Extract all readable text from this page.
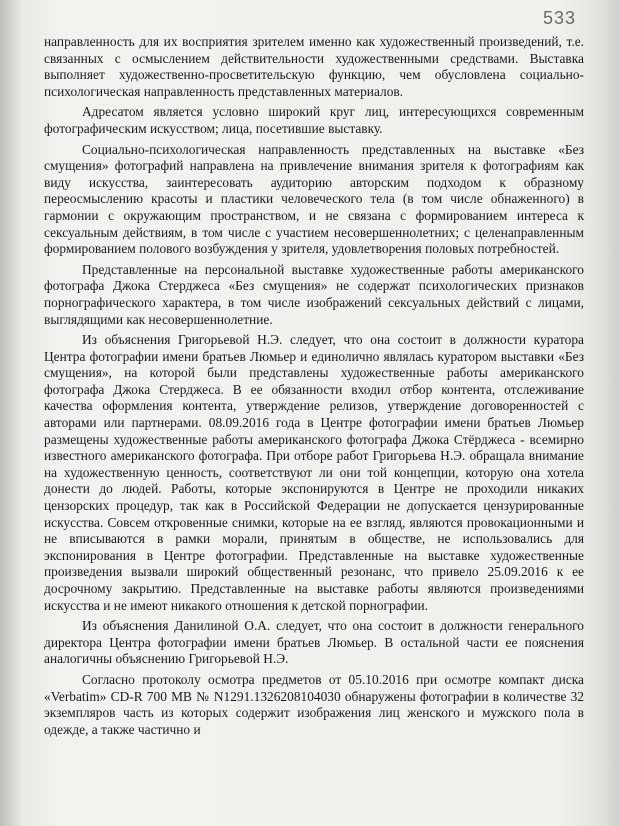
533

направленность для их восприятия зрителем именно как художественный произведений, т.е. связанных с осмыслением действительности художественными средствами. Выставка выполняет художественно-просветительскую функцию, чем обусловлена социально-психологическая направленность представленных материалов.

Адресатом является условно широкий круг лиц, интересующихся современным фотографическим искусством; лица, посетившие выставку.

Социально-психологическая направленность представленных на выставке «Без смущения» фотографий направлена на привлечение внимания зрителя к фотографиям как виду искусства, заинтересовать аудиторию авторским подходом к образному переосмыслению красоты и пластики человеческого тела (в том числе обнаженного) в гармонии с окружающим пространством, и не связана с формированием интереса к сексуальным действиям, в том числе с участием несовершеннолетних; с целенаправленным формированием полового возбуждения у зрителя, удовлетворения половых потребностей.

Представленные на персональной выставке художественные работы американского фотографа Джока Стерджеса «Без смущения» не содержат психологических признаков порнографического характера, в том числе изображений сексуальных действий с лицами, выглядящими как несовершеннолетние.

Из объяснения Григорьевой Н.Э. следует, что она состоит в должности куратора Центра фотографии имени братьев Люмьер и единолично являлась куратором выставки «Без смущения», на которой были представлены художественные работы американского фотографа Джока Стерджеса. В ее обязанности входил отбор контента, отслеживание качества оформления контента, утверждение релизов, утверждение договоренностей с авторами или партнерами. 08.09.2016 года в Центре фотографии имени братьев Люмьер размещены художественные работы американского фотографа Джока Стёрджеса - всемирно известного американского фотографа. При отборе работ Григорьева Н.Э. обращала внимание на художественную ценность, соответствуют ли они той концепции, которую она хотела донести до людей. Работы, которые экспонируются в Центре не проходили никаких цензорских процедур, так как в Российской Федерации не допускается цензурированные искусства. Совсем откровенные снимки, которые на ее взгляд, являются провокационными и не вписываются в рамки морали, принятым в обществе, не использовались для экспонирования в Центре фотографии. Представленные на выставке художественные произведения вызвали широкий общественный резонанс, что привело 25.09.2016 к ее досрочному закрытию. Представленные на выставке работы являются произведениями искусства и не имеют никакого отношения к детской порнографии.

Из объяснения Данилиной О.А. следует, что она состоит в должности генерального директора Центра фотографии имени братьев Люмьер. В остальной части ее пояснения аналогичны объяснению Григорьевой Н.Э.

Согласно протоколу осмотра предметов от 05.10.2016 при осмотре компакт диска «Verbatim» CD-R 700 MB № N1291.1326208104030 обнаружены фотографии в количестве 32 экземпляров часть из которых содержит изображения лиц женского и мужского пола в одежде, а также частично и
